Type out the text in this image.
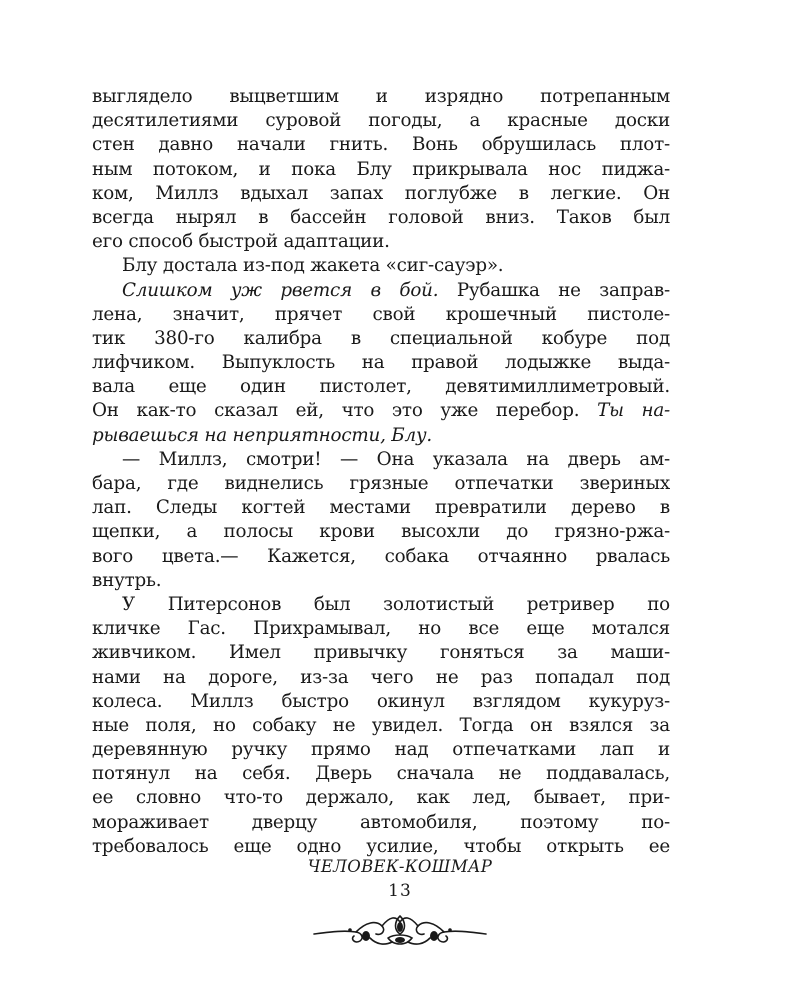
выглядело выцветшим и изрядно потрепанным
десятилетиями суровой погоды, а красные доски
стен давно начали гнить. Вонь обрушилась плот-
ным потоком, и пока Блу прикрывала нос пиджа-
ком, Миллз вдыхал запах поглубже в легкие. Он
всегда нырял в бассейн головой вниз. Таков был
его способ быстрой адаптации.
Блу достала из-под жакета «сиг-сауэр».
Слишком уж рвется в бой. Рубашка не заправ-
лена, значит, прячет свой крошечный пистоле-
тик 380-го калибра в специальной кобуре под
лифчиком. Выпуклость на правой лодыжке выда-
вала еще один пистолет, девятимиллиметровый.
Он как-то сказал ей, что это уже перебор. Ты на-
рываешься на неприятности, Блу.
— Миллз, смотри! — Она указала на дверь ам-
бара, где виднелись грязные отпечатки звериных
лап. Следы когтей местами превратили дерево в
щепки, а полосы крови высохли до грязно-ржа-
вого цвета.— Кажется, собака отчаянно рвалась
внутрь.
У Питерсонов был золотистый ретривер по
кличке Гас. Прихрамывал, но все еще мотался
живчиком. Имел привычку гоняться за маши-
нами на дороге, из-за чего не раз попадал под
колеса. Миллз быстро окинул взглядом кукуруз-
ные поля, но собаку не увидел. Тогда он взялся за
деревянную ручку прямо над отпечатками лап и
потянул на себя. Дверь сначала не поддавалась,
ее словно что-то держало, как лед, бывает, при-
мораживает дверцу автомобиля, поэтому по-
требовалось еще одно усилие, чтобы открыть ее
ЧЕЛОВЕК-КОШМАР
13
